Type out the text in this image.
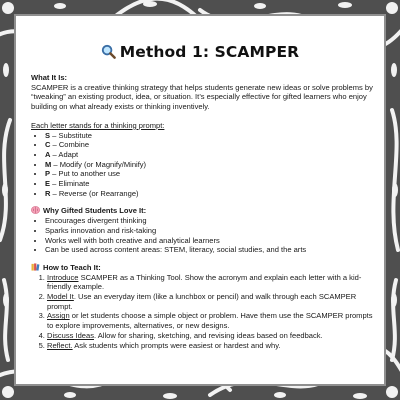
Method 1: SCAMPER

What It Is:

SCAMPER is a creative thinking strategy that helps students generate new ideas or solve problems by “tweaking” an existing product, idea, or situation. It’s especially effective for gifted learners who enjoy building on what already exists or thinking inventively.

Each letter stands for a thinking prompt:

• S – Substitute
• C – Combine
• A – Adapt
• M – Modify (or Magnify/Minify)
• P – Put to another use
• E – Eliminate
• R – Reverse (or Rearrange)

Why Gifted Students Love It:

• Encourages divergent thinking
• Sparks innovation and risk-taking
• Works well with both creative and analytical learners
• Can be used across content areas: STEM, literacy, social studies, and the arts

How to Teach It:

1. Introduce SCAMPER as a Thinking Tool. Show the acronym and explain each letter with a kid-friendly example.
2. Model It. Use an everyday item (like a lunchbox or pencil) and walk through each SCAMPER prompt.
3. Assign or let students choose a simple object or problem. Have them use the SCAMPER prompts to explore improvements, alternatives, or new designs.
4. Discuss Ideas. Allow for sharing, sketching, and revising ideas based on feedback.
5. Reflect. Ask students which prompts were easiest or hardest and why.
